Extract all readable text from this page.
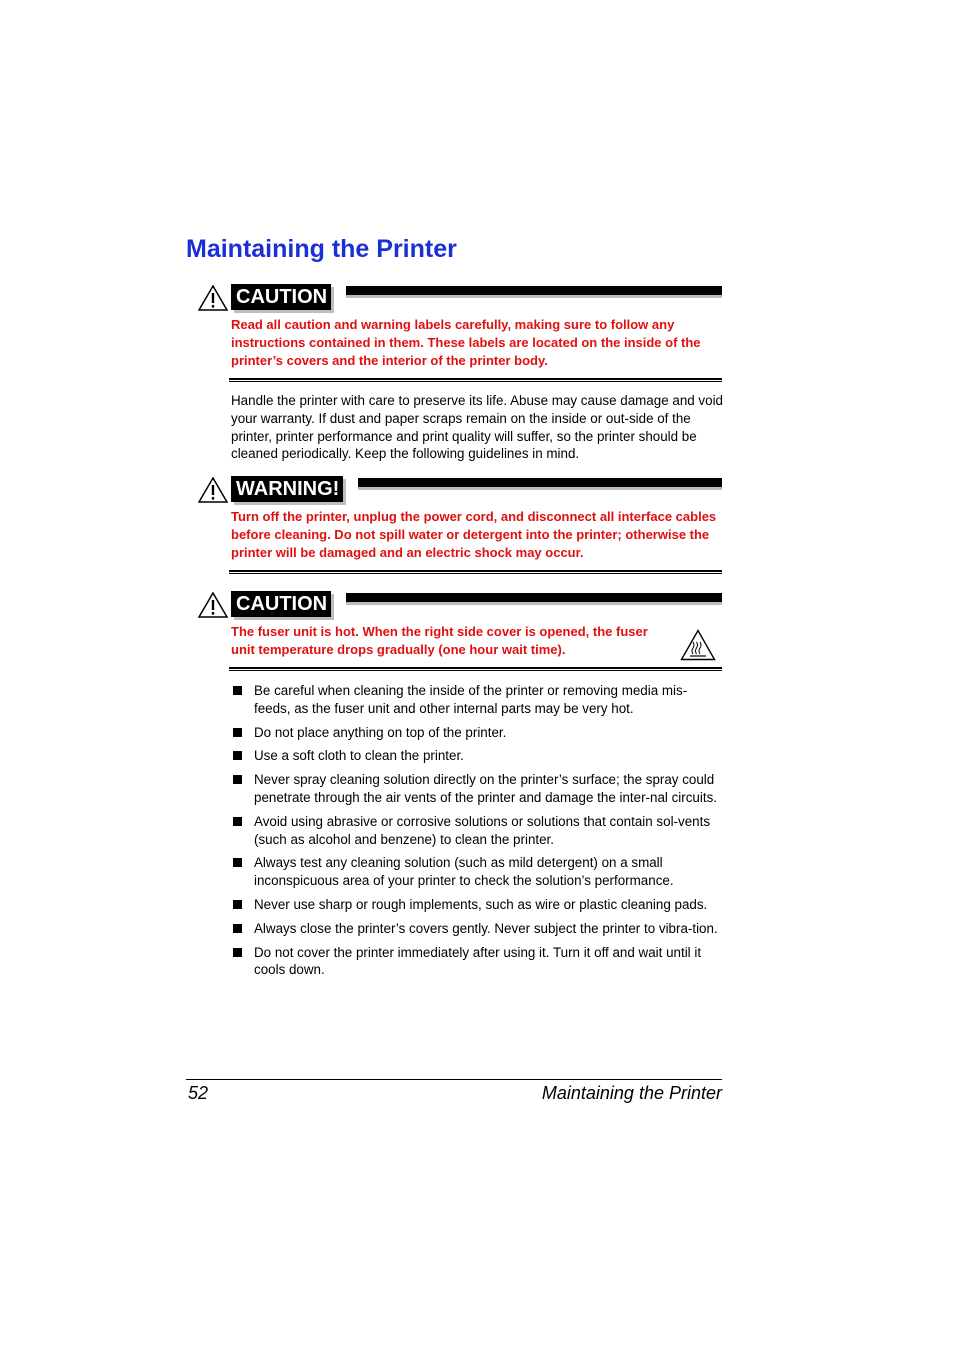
Maintaining the Printer
CAUTION
Read all caution and warning labels carefully, making sure to follow any instructions contained in them. These labels are located on the inside of the printer’s covers and the interior of the printer body.

Handle the printer with care to preserve its life. Abuse may cause damage and void your warranty. If dust and paper scraps remain on the inside or out-side of the printer, printer performance and print quality will suffer, so the printer should be cleaned periodically. Keep the following guidelines in mind.

WARNING!
Turn off the printer, unplug the power cord, and disconnect all interface cables before cleaning. Do not spill water or detergent into the printer; otherwise the printer will be damaged and an electric shock may occur.
CAUTION
The fuser unit is hot. When the right side cover is opened, the fuser unit temperature drops gradually (one hour wait time).
Be careful when cleaning the inside of the printer or removing media mis-feeds, as the fuser unit and other internal parts may be very hot.
Do not place anything on top of the printer.
Use a soft cloth to clean the printer.
Never spray cleaning solution directly on the printer’s surface; the spray could penetrate through the air vents of the printer and damage the inter-nal circuits.
Avoid using abrasive or corrosive solutions or solutions that contain sol-vents (such as alcohol and benzene) to clean the printer.
Always test any cleaning solution (such as mild detergent) on a small inconspicuous area of your printer to check the solution’s performance.
Never use sharp or rough implements, such as wire or plastic cleaning pads.
Always close the printer’s covers gently. Never subject the printer to vibra-tion.
Do not cover the printer immediately after using it. Turn it off and wait until it cools down.
52	Maintaining the Printer
